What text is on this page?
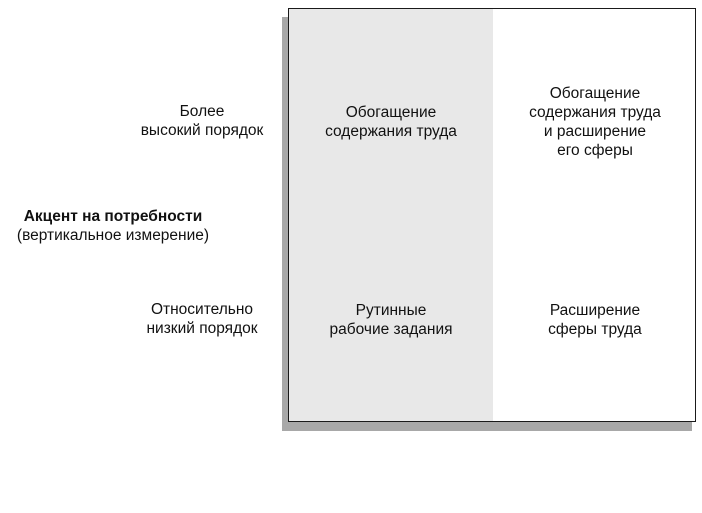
Акцент на потребности
(вертикальное измерение)
Более
высокий порядок
Относительно
низкий порядок
Обогащение
содержания труда
Обогащение
содержания труда
и расширение
его сферы
Рутинные
рабочие задания
Расширение
сферы труда
